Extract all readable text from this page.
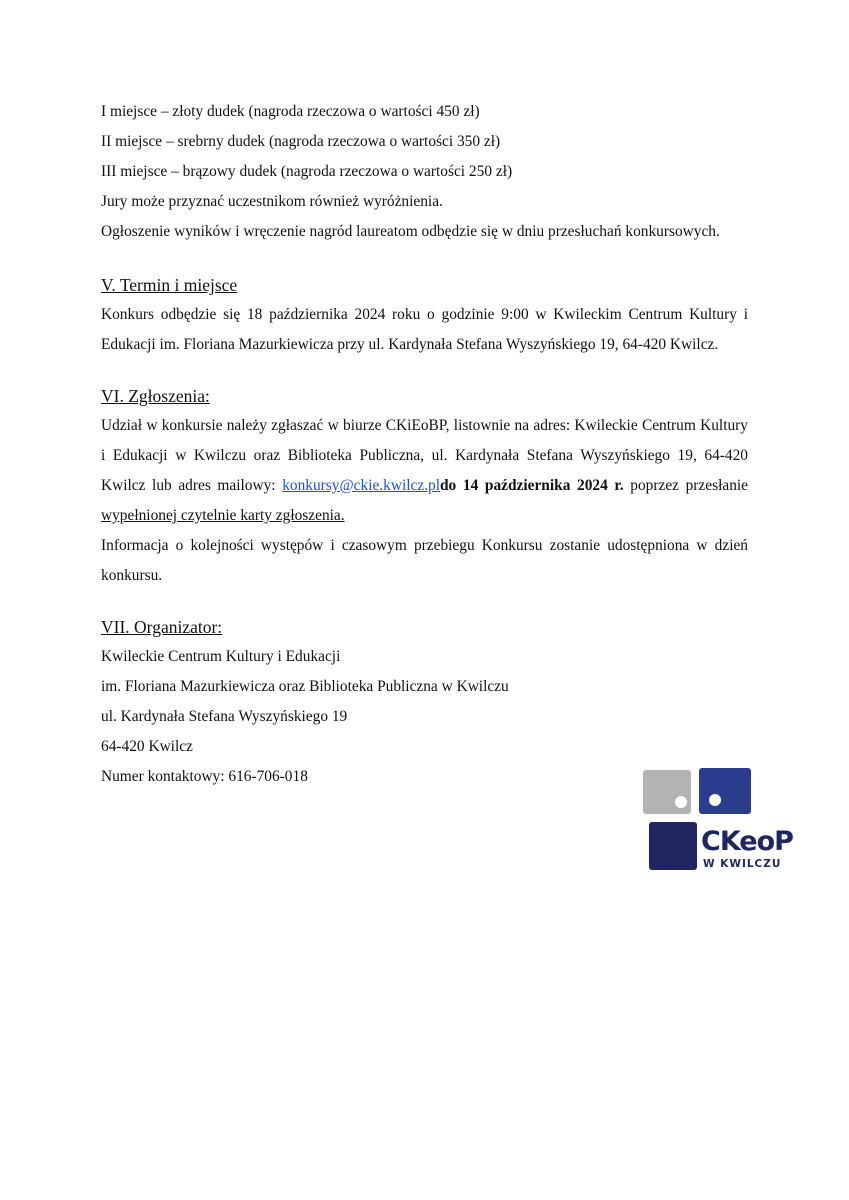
I miejsce – złoty dudek (nagroda rzeczowa o wartości 450 zł)

II miejsce – srebrny dudek (nagroda rzeczowa o wartości 350 zł)

III miejsce – brązowy dudek (nagroda rzeczowa o wartości 250 zł)

Jury może przyznać uczestnikom również wyróżnienia.

Ogłoszenie wyników i wręczenie nagród laureatom odbędzie się w dniu przesłuchań konkursowych.

V. Termin i miejsce

Konkurs odbędzie się 18 października 2024 roku o godzinie 9:00 w Kwileckim Centrum Kultury i Edukacji im. Floriana Mazurkiewicza przy ul. Kardynała Stefana Wyszyńskiego 19, 64-420 Kwilcz.

VI. Zgłoszenia:

Udział w konkursie należy zgłaszać w biurze CKiEoBP, listownie na adres: Kwileckie Centrum Kultury i Edukacji w Kwilczu oraz Biblioteka Publiczna, ul. Kardynała Stefana Wyszyńskiego 19, 64-420 Kwilcz lub adres mailowy: konkursy@ckie.kwilcz.pldo 14 października 2024 r. poprzez przesłanie wypełnionej czytelnie karty zgłoszenia.

Informacja o kolejności występów i czasowym przebiegu Konkursu zostanie udostępniona w dzień konkursu.

VII. Organizator:

Kwileckie Centrum Kultury i Edukacji

im. Floriana Mazurkiewicza oraz Biblioteka Publiczna w Kwilczu

ul. Kardynała Stefana Wyszyńskiego 19

64-420 Kwilcz

Numer kontaktowy: 616-706-018

CKeoP
W KWILCZU
